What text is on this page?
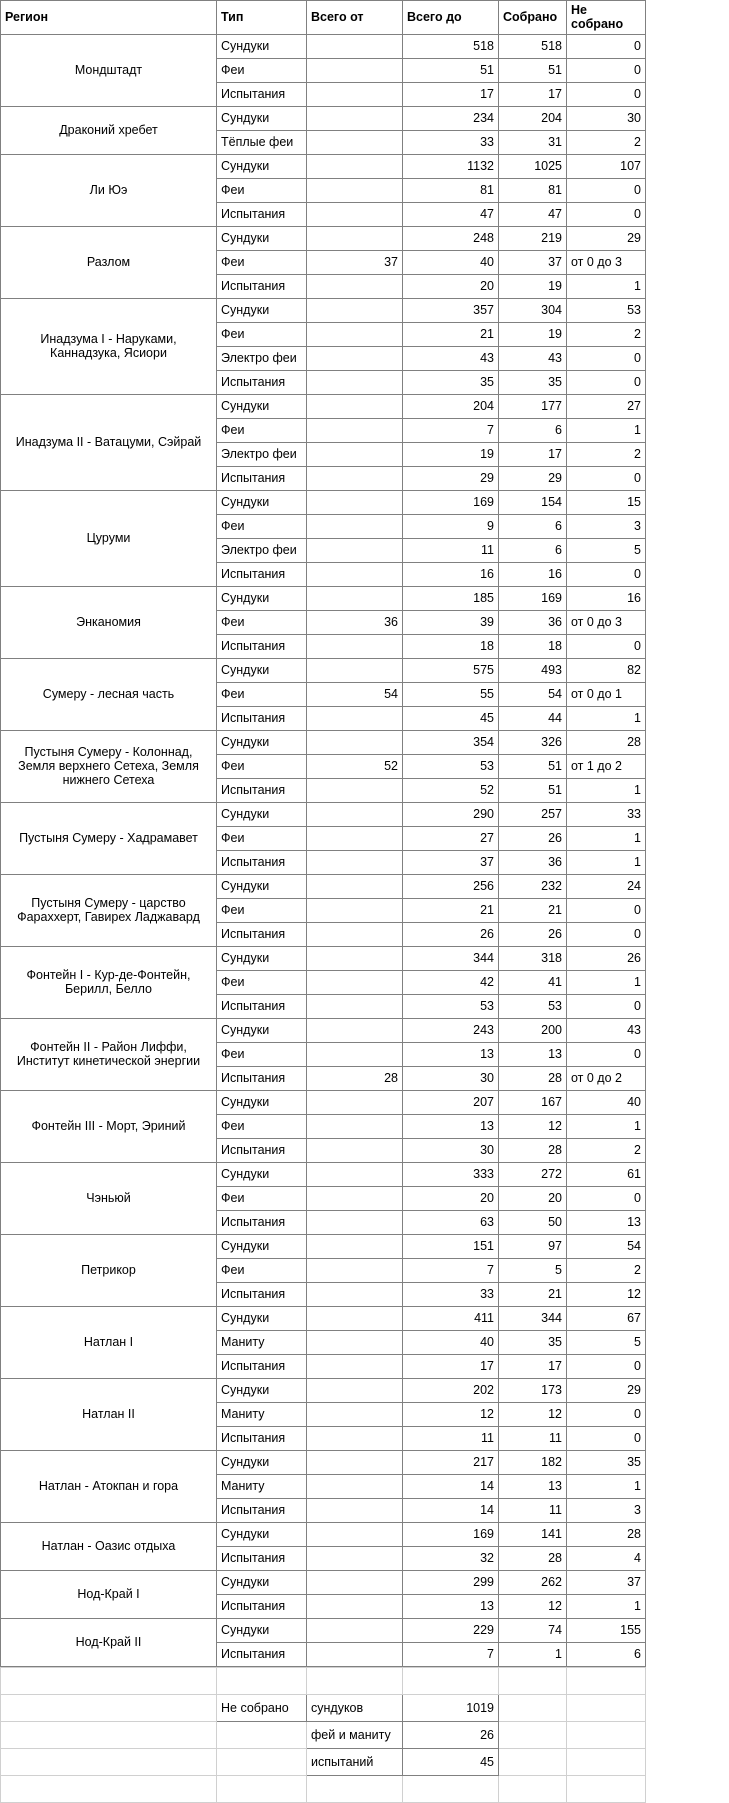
Регион	Тип	Всего от	Всего до	Собрано	Не собрано
Мондштадт	Сундуки		518	518	0
	Феи		51	51	0
	Испытания		17	17	0
Драконий хребет	Сундуки		234	204	30
	Тёплые феи		33	31	2
Ли Юэ	Сундуки		1132	1025	107
	Феи		81	81	0
	Испытания		47	47	0
Разлом	Сундуки		248	219	29
	Феи	37	40	37	от 0 до 3
	Испытания		20	19	1
Инадзума I - Наруками, Каннадзука, Ясиори	Сундуки		357	304	53
	Феи		21	19	2
	Электро феи		43	43	0
	Испытания		35	35	0
Инадзума II - Ватацуми, Сэйрай	Сундуки		204	177	27
	Феи		7	6	1
	Электро феи		19	17	2
	Испытания		29	29	0
Цуруми	Сундуки		169	154	15
	Феи		9	6	3
	Электро феи		11	6	5
	Испытания		16	16	0
Энканомия	Сундуки		185	169	16
	Феи	36	39	36	от 0 до 3
	Испытания		18	18	0
Сумеру - лесная часть	Сундуки		575	493	82
	Феи	54	55	54	от 0 до 1
	Испытания		45	44	1
Пустыня Сумеру - Колоннад, Земля верхнего Сетеха, Земля нижнего Сетеха	Сундуки		354	326	28
	Феи	52	53	51	от 1 до 2
	Испытания		52	51	1
Пустыня Сумеру - Хадрамавет	Сундуки		290	257	33
	Феи		27	26	1
	Испытания		37	36	1
Пустыня Сумеру - царство Фараххерт, Гавирех Ладжавард	Сундуки		256	232	24
	Феи		21	21	0
	Испытания		26	26	0
Фонтейн I - Кур-де-Фонтейн, Берилл, Белло	Сундуки		344	318	26
	Феи		42	41	1
	Испытания		53	53	0
Фонтейн II - Район Лиффи, Институт кинетической энергии	Сундуки		243	200	43
	Феи		13	13	0
	Испытания	28	30	28	от 0 до 2
Фонтейн III - Морт, Эриний	Сундуки		207	167	40
	Феи		13	12	1
	Испытания		30	28	2
Чэньюй	Сундуки		333	272	61
	Феи		20	20	0
	Испытания		63	50	13
Петрикор	Сундуки		151	97	54
	Феи		7	5	2
	Испытания		33	21	12
Натлан I	Сундуки		411	344	67
	Маниту		40	35	5
	Испытания		17	17	0
Натлан II	Сундуки		202	173	29
	Маниту		12	12	0
	Испытания		11	11	0
Натлан - Атокпан и гора	Сундуки		217	182	35
	Маниту		14	13	1
	Испытания		14	11	3
Натлан - Оазис отдыха	Сундуки		169	141	28
	Испытания		32	28	4
Нод-Край I	Сундуки		299	262	37
	Испытания		13	12	1
Нод-Край II	Сундуки		229	74	155
	Испытания		7	1	6

	Не собрано	сундуков	1019		
		фей и маниту	26		
		испытаний	45		
